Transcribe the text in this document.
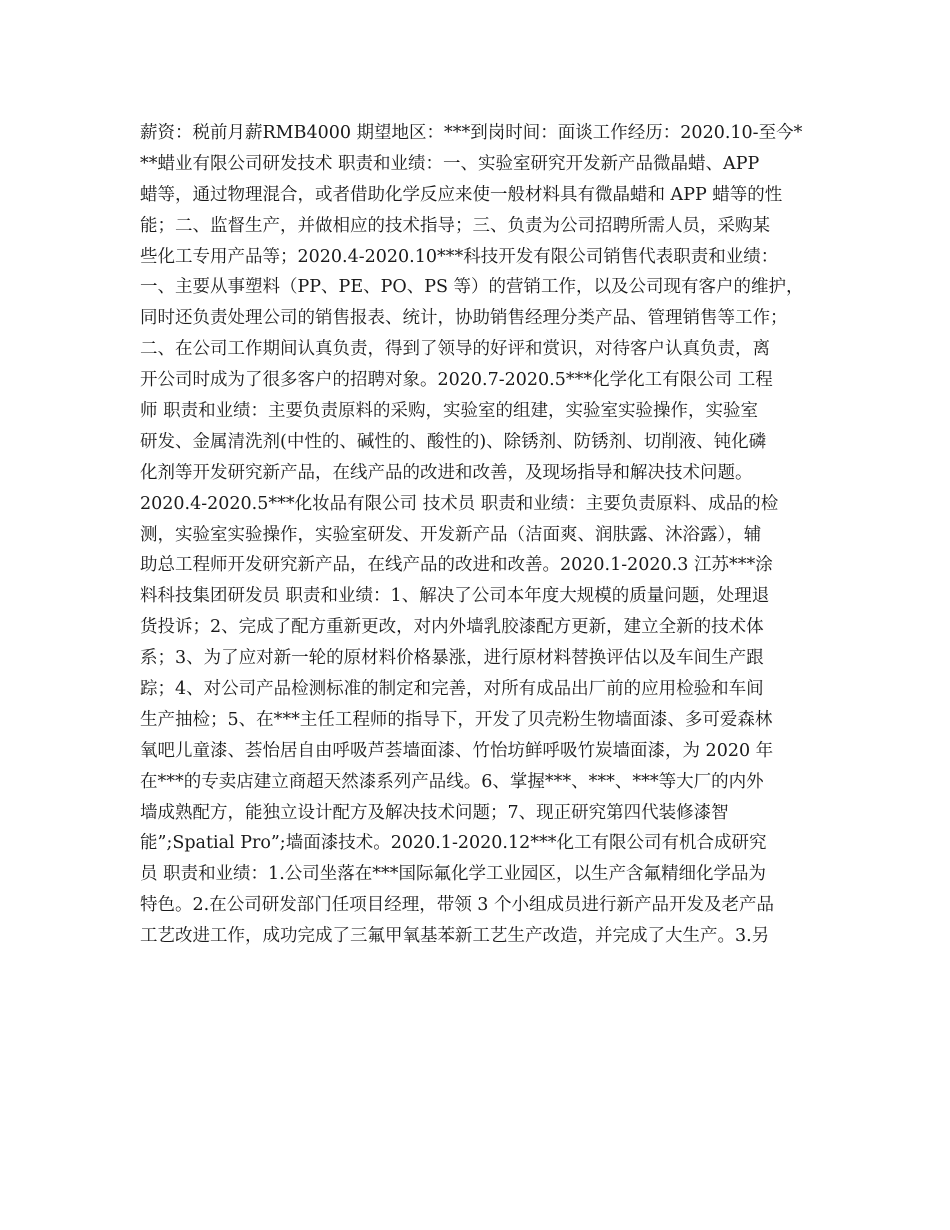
薪资：税前月薪RMB4000 期望地区：***到岗时间：面谈工作经历：2020.10-至今*
**蜡业有限公司研发技术 职责和业绩：一、实验室研究开发新产品微晶蜡、APP
蜡等，通过物理混合，或者借助化学反应来使一般材料具有微晶蜡和 APP 蜡等的性
能；二、监督生产，并做相应的技术指导；三、负责为公司招聘所需人员，采购某
些化工专用产品等；2020.4-2020.10***科技开发有限公司销售代表职责和业绩：
一、主要从事塑料（PP、PE、PO、PS 等）的营销工作，以及公司现有客户的维护，
同时还负责处理公司的销售报表、统计，协助销售经理分类产品、管理销售等工作；
二、在公司工作期间认真负责，得到了领导的好评和赏识，对待客户认真负责，离
开公司时成为了很多客户的招聘对象。2020.7-2020.5***化学化工有限公司 工程
师 职责和业绩：主要负责原料的采购，实验室的组建，实验室实验操作，实验室
研发、金属清洗剂(中性的、碱性的、酸性的)、除锈剂、防锈剂、切削液、钝化磷
化剂等开发研究新产品，在线产品的改进和改善，及现场指导和解决技术问题。
2020.4-2020.5***化妆品有限公司 技术员 职责和业绩：主要负责原料、成品的检
测，实验室实验操作，实验室研发、开发新产品（洁面爽、润肤露、沐浴露），辅
助总工程师开发研究新产品，在线产品的改进和改善。2020.1-2020.3 江苏***涂
料科技集团研发员 职责和业绩：1、解决了公司本年度大规模的质量问题，处理退
货投诉；2、完成了配方重新更改，对内外墙乳胶漆配方更新，建立全新的技术体
系；3、为了应对新一轮的原材料价格暴涨，进行原材料替换评估以及车间生产跟
踪；4、对公司产品检测标准的制定和完善，对所有成品出厂前的应用检验和车间
生产抽检；5、在***主任工程师的指导下，开发了贝壳粉生物墙面漆、多可爱森林
氧吧儿童漆、荟怡居自由呼吸芦荟墙面漆、竹怡坊鲜呼吸竹炭墙面漆，为 2020 年
在***的专卖店建立商超天然漆系列产品线。6、掌握***、***、***等大厂的内外
墙成熟配方，能独立设计配方及解决技术问题；7、现正研究第四代装修漆智
能”;Spatial Pro”;墙面漆技术。2020.1-2020.12***化工有限公司有机合成研究
员 职责和业绩：1.公司坐落在***国际氟化学工业园区，以生产含氟精细化学品为
特色。2.在公司研发部门任项目经理，带领 3 个小组成员进行新产品开发及老产品
工艺改进工作，成功完成了三氟甲氧基苯新工艺生产改造，并完成了大生产。3.另
